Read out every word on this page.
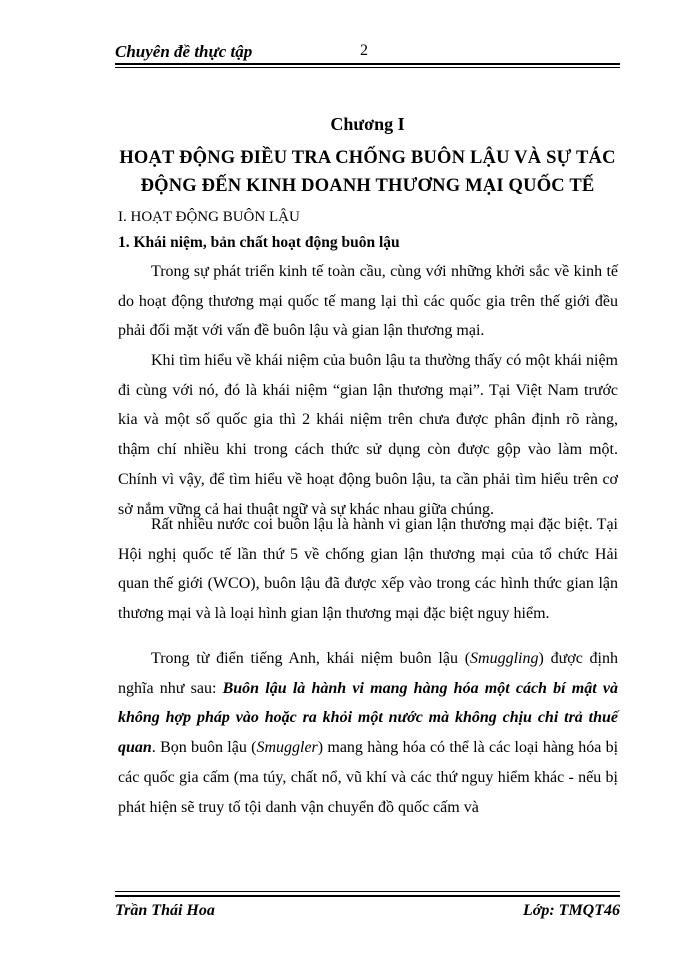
Chuyên đề thực tập	2
Chương I
HOẠT ĐỘNG ĐIỀU TRA CHỐNG BUÔN LẬU VÀ SỰ TÁC
ĐỘNG ĐẾN KINH DOANH THƯƠNG MẠI QUỐC TẾ
I. HOẠT ĐỘNG BUÔN LẬU
1. Khái niệm, bản chất hoạt động buôn lậu
Trong sự phát triển kinh tế toàn cầu, cùng với những khởi sắc về kinh tế do hoạt động thương mại quốc tế mang lại thì các quốc gia trên thế giới đều phải đối mặt với vấn đề buôn lậu và gian lận thương mại.
Khi tìm hiểu về khái niệm của buôn lậu ta thường thấy có một khái niệm đi cùng với nó, đó là khái niệm “gian lận thương mại”. Tại Việt Nam trước kia và một số quốc gia thì 2 khái niệm trên chưa được phân định rõ ràng, thậm chí nhiều khi trong cách thức sử dụng còn được gộp vào làm một. Chính vì vậy, để tìm hiểu về hoạt động buôn lậu, ta cần phải tìm hiểu trên cơ sở nắm vững cả hai thuật ngữ và sự khác nhau giữa chúng.
Rất nhiều nước coi buôn lậu là hành vi gian lận thương mại đặc biệt. Tại Hội nghị quốc tế lần thứ 5 về chống gian lận thương mại của tổ chức Hải quan thế giới (WCO), buôn lậu đã được xếp vào trong các hình thức gian lận thương mại và là loại hình gian lận thương mại đặc biệt nguy hiểm.
Trong từ điển tiếng Anh, khái niệm buôn lậu (Smuggling) được định nghĩa như sau: Buôn lậu là hành vi mang hàng hóa một cách bí mật và không hợp pháp vào hoặc ra khỏi một nước mà không chịu chi trả thuế quan. Bọn buôn lậu (Smuggler) mang hàng hóa có thể là các loại hàng hóa bị các quốc gia cấm (ma túy, chất nổ, vũ khí và các thứ nguy hiểm khác - nếu bị phát hiện sẽ truy tố tội danh vận chuyển đồ quốc cấm và
Trần Thái Hoa	Lớp: TMQT46
